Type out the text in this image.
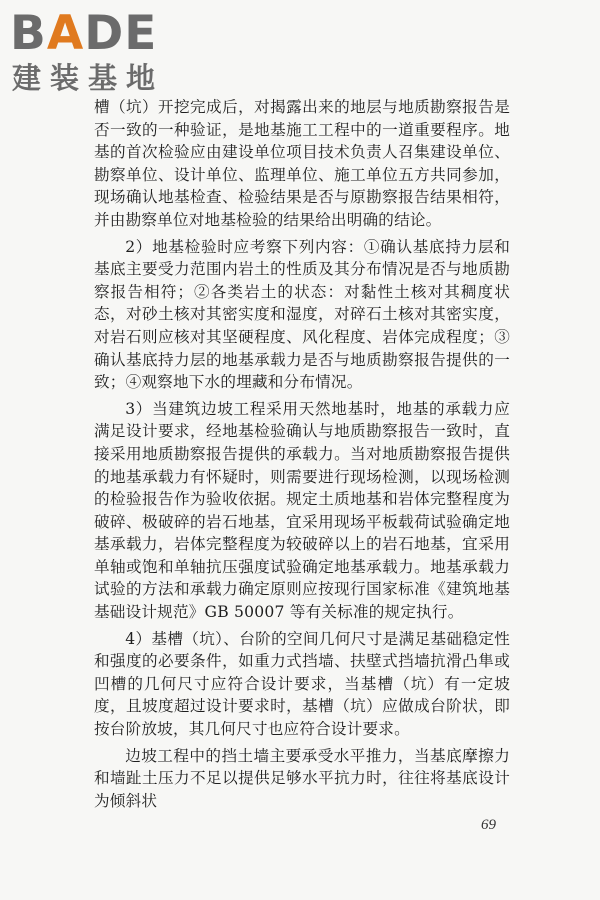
BADE
建装基地

槽（坑）开挖完成后，对揭露出来的地层与地质勘察报告是否一致的一种验证，是地基施工工程中的一道重要程序。地基的首次检验应由建设单位项目技术负责人召集建设单位、勘察单位、设计单位、监理单位、施工单位五方共同参加，现场确认地基检查、检验结果是否与原勘察报告结果相符，并由勘察单位对地基检验的结果给出明确的结论。

2）地基检验时应考察下列内容：①确认基底持力层和基底主要受力范围内岩土的性质及其分布情况是否与地质勘察报告相符；②各类岩土的状态：对黏性土核对其稠度状态，对砂土核对其密实度和湿度，对碎石土核对其密实度，对岩石则应核对其坚硬程度、风化程度、岩体完成程度；③确认基底持力层的地基承载力是否与地质勘察报告提供的一致；④观察地下水的埋藏和分布情况。

3）当建筑边坡工程采用天然地基时，地基的承载力应满足设计要求，经地基检验确认与地质勘察报告一致时，直接采用地质勘察报告提供的承载力。当对地质勘察报告提供的地基承载力有怀疑时，则需要进行现场检测，以现场检测的检验报告作为验收依据。规定土质地基和岩体完整程度为破碎、极破碎的岩石地基，宜采用现场平板载荷试验确定地基承载力，岩体完整程度为较破碎以上的岩石地基，宜采用单轴或饱和单轴抗压强度试验确定地基承载力。地基承载力试验的方法和承载力确定原则应按现行国家标准《建筑地基基础设计规范》GB 50007 等有关标准的规定执行。

4）基槽（坑）、台阶的空间几何尺寸是满足基础稳定性和强度的必要条件，如重力式挡墙、扶壁式挡墙抗滑凸隼或凹槽的几何尺寸应符合设计要求，当基槽（坑）有一定坡度，且坡度超过设计要求时，基槽（坑）应做成台阶状，即按台阶放坡，其几何尺寸也应符合设计要求。

边坡工程中的挡土墙主要承受水平推力，当基底摩擦力和墙趾土压力不足以提供足够水平抗力时，往往将基底设计为倾斜状

69
